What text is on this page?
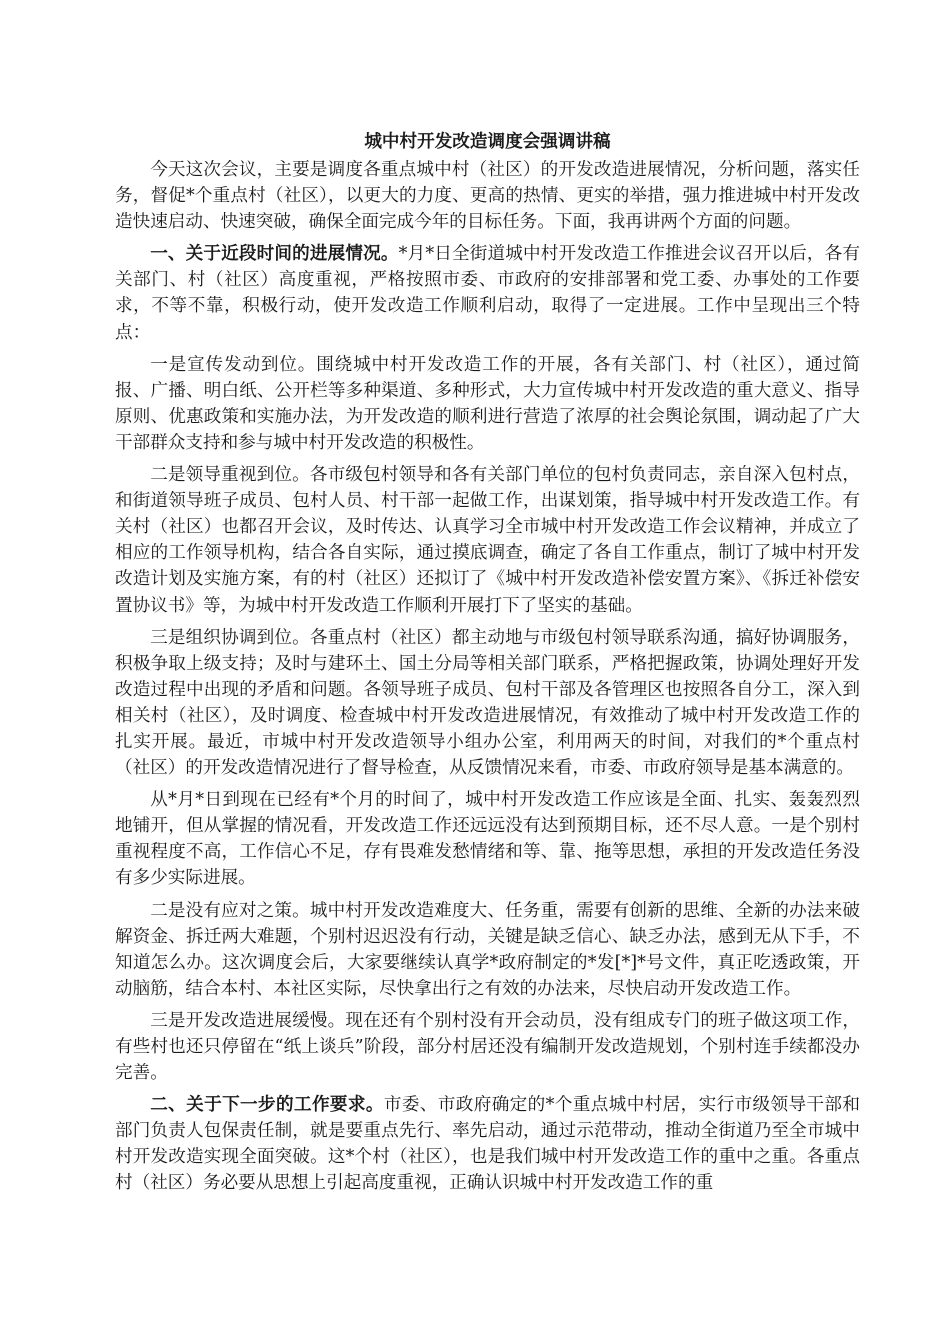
城中村开发改造调度会强调讲稿

今天这次会议，主要是调度各重点城中村（社区）的开发改造进展情况，分析问题，落实任务，督促*个重点村（社区），以更大的力度、更高的热情、更实的举措，强力推进城中村开发改造快速启动、快速突破，确保全面完成今年的目标任务。下面，我再讲两个方面的问题。

一、关于近段时间的进展情况。*月*日全街道城中村开发改造工作推进会议召开以后，各有关部门、村（社区）高度重视，严格按照市委、市政府的安排部署和党工委、办事处的工作要求，不等不靠，积极行动，使开发改造工作顺利启动，取得了一定进展。工作中呈现出三个特点：

一是宣传发动到位。围绕城中村开发改造工作的开展，各有关部门、村（社区），通过简报、广播、明白纸、公开栏等多种渠道、多种形式，大力宣传城中村开发改造的重大意义、指导原则、优惠政策和实施办法，为开发改造的顺利进行营造了浓厚的社会舆论氛围，调动起了广大干部群众支持和参与城中村开发改造的积极性。

二是领导重视到位。各市级包村领导和各有关部门单位的包村负责同志，亲自深入包村点，和街道领导班子成员、包村人员、村干部一起做工作，出谋划策，指导城中村开发改造工作。有关村（社区）也都召开会议，及时传达、认真学习全市城中村开发改造工作会议精神，并成立了相应的工作领导机构，结合各自实际，通过摸底调查，确定了各自工作重点，制订了城中村开发改造计划及实施方案，有的村（社区）还拟订了《城中村开发改造补偿安置方案》、《拆迁补偿安置协议书》等，为城中村开发改造工作顺利开展打下了坚实的基础。

三是组织协调到位。各重点村（社区）都主动地与市级包村领导联系沟通，搞好协调服务，积极争取上级支持；及时与建环土、国土分局等相关部门联系，严格把握政策，协调处理好开发改造过程中出现的矛盾和问题。各领导班子成员、包村干部及各管理区也按照各自分工，深入到相关村（社区），及时调度、检查城中村开发改造进展情况，有效推动了城中村开发改造工作的扎实开展。最近，市城中村开发改造领导小组办公室，利用两天的时间，对我们的*个重点村（社区）的开发改造情况进行了督导检查，从反馈情况来看，市委、市政府领导是基本满意的。

从*月*日到现在已经有*个月的时间了，城中村开发改造工作应该是全面、扎实、轰轰烈烈地铺开，但从掌握的情况看，开发改造工作还远远没有达到预期目标，还不尽人意。一是个别村重视程度不高，工作信心不足，存有畏难发愁情绪和等、靠、拖等思想，承担的开发改造任务没有多少实际进展。

二是没有应对之策。城中村开发改造难度大、任务重，需要有创新的思维、全新的办法来破解资金、拆迁两大难题，个别村迟迟没有行动，关键是缺乏信心、缺乏办法，感到无从下手，不知道怎么办。这次调度会后，大家要继续认真学*政府制定的*发[*]*号文件，真正吃透政策，开动脑筋，结合本村、本社区实际，尽快拿出行之有效的办法来，尽快启动开发改造工作。

三是开发改造进展缓慢。现在还有个别村没有开会动员，没有组成专门的班子做这项工作，有些村也还只停留在“纸上谈兵”阶段，部分村居还没有编制开发改造规划，个别村连手续都没办完善。

二、关于下一步的工作要求。市委、市政府确定的*个重点城中村居，实行市级领导干部和部门负责人包保责任制，就是要重点先行、率先启动，通过示范带动，推动全街道乃至全市城中村开发改造实现全面突破。这*个村（社区），也是我们城中村开发改造工作的重中之重。各重点村（社区）务必要从思想上引起高度重视，正确认识城中村开发改造工作的重
